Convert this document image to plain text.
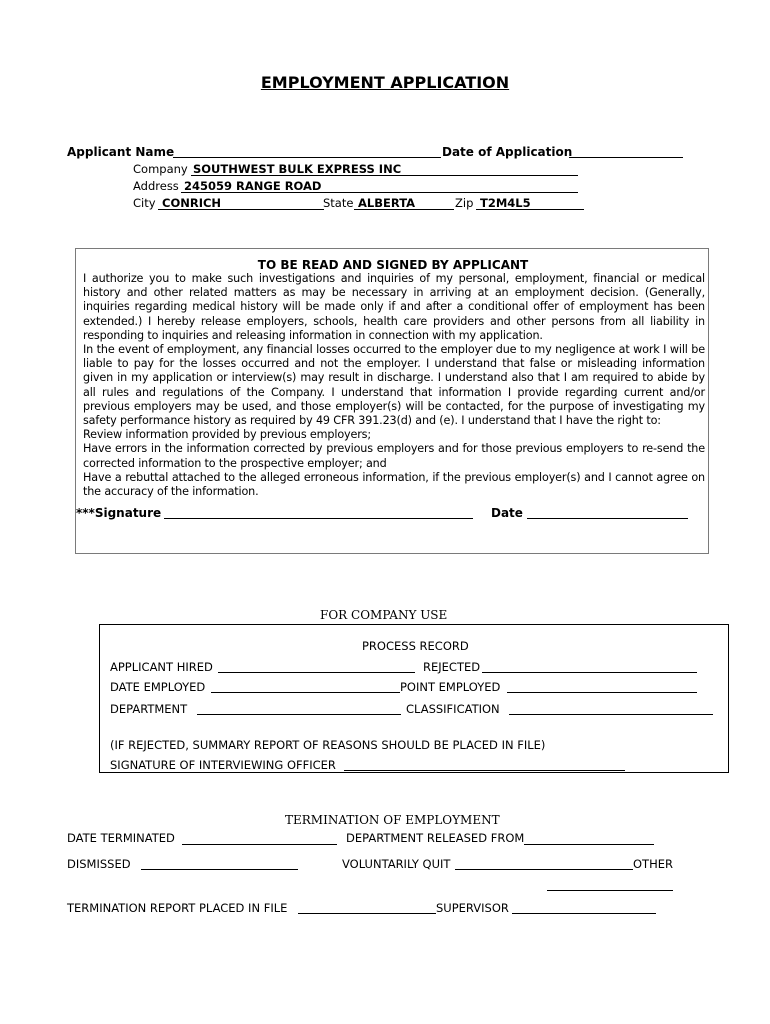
EMPLOYMENT APPLICATION
Applicant Name	Date of Application
Company SOUTHWEST BULK EXPRESS INC
Address 245059 RANGE ROAD
City CONRICH	State ALBERTA	Zip T2M4L5
TO BE READ AND SIGNED BY APPLICANT

I authorize you to make such investigations and inquiries of my personal, employment, financial or medical history and other related matters as may be necessary in arriving at an employment decision. (Generally, inquiries regarding medical history will be made only if and after a conditional offer of employment has been extended.) I hereby release employers, schools, health care providers and other persons from all liability in responding to inquiries and releasing information in connection with my application.

In the event of employment, any financial losses occurred to the employer due to my negligence at work I will be liable to pay for the losses occurred and not the employer. I understand that false or misleading information given in my application or interview(s) may result in discharge. I understand also that I am required to abide by all rules and regulations of the Company. I understand that information I provide regarding current and/or previous employers may be used, and those employer(s) will be contacted, for the purpose of investigating my safety performance history as required by 49 CFR 391.23(d) and (e). I understand that I have the right to:

Review information provided by previous employers;

Have errors in the information corrected by previous employers and for those previous employers to re-send the corrected information to the prospective employer; and

Have a rebuttal attached to the alleged erroneous information, if the previous employer(s) and I cannot agree on the accuracy of the information.

***Signature	Date
FOR COMPANY USE
PROCESS RECORD
APPLICANT HIRED	REJECTED
DATE EMPLOYED	POINT EMPLOYED
DEPARTMENT	CLASSIFICATION
(IF REJECTED, SUMMARY REPORT OF REASONS SHOULD BE PLACED IN FILE)
SIGNATURE OF INTERVIEWING OFFICER
TERMINATION OF EMPLOYMENT
DATE TERMINATED	DEPARTMENT RELEASED FROM
DISMISSED	VOLUNTARILY QUIT	OTHER
TERMINATION REPORT PLACED IN FILE	SUPERVISOR
